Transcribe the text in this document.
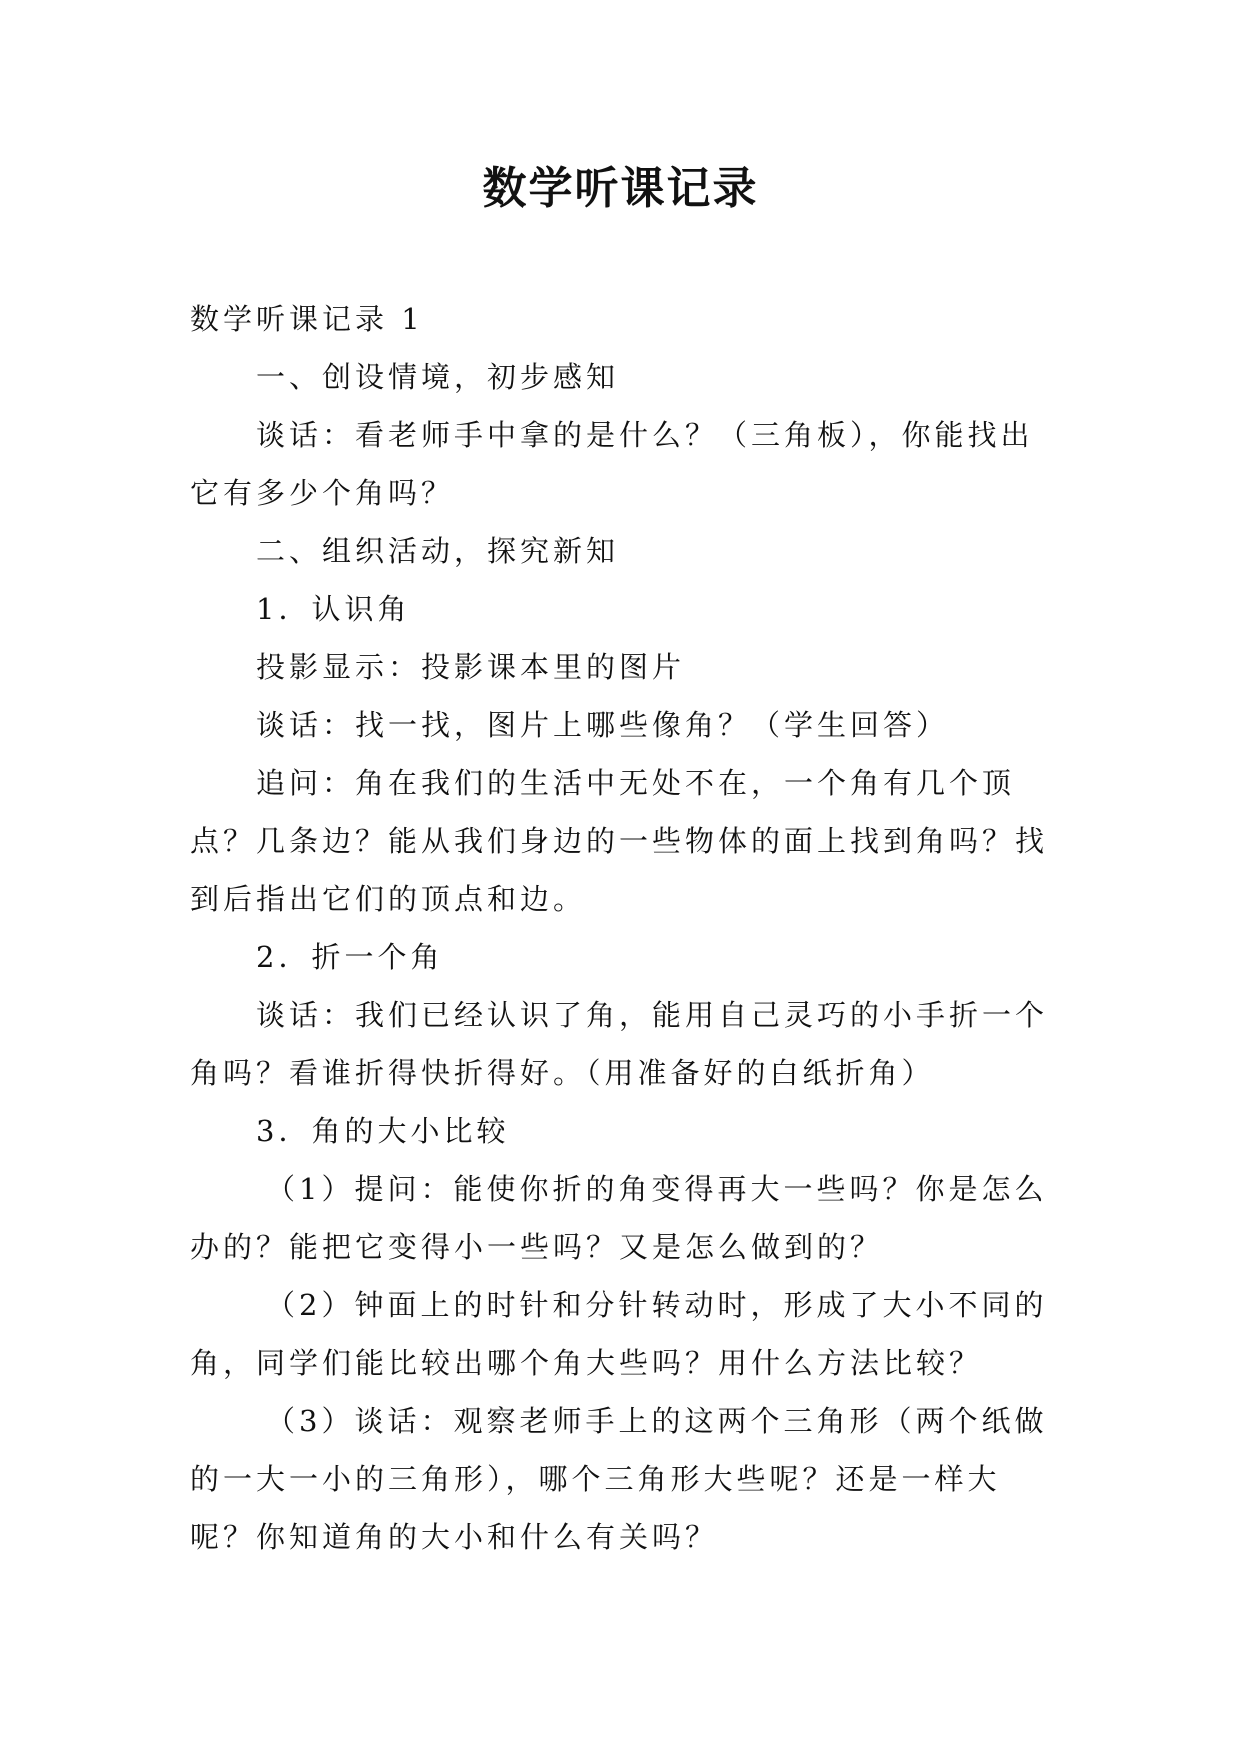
数学听课记录

数学听课记录 1

一、创设情境，初步感知

谈话：看老师手中拿的是什么？（三角板），你能找出它有多少个角吗？

二、组织活动，探究新知

1．认识角

投影显示：投影课本里的图片

谈话：找一找，图片上哪些像角？（学生回答）

追问：角在我们的生活中无处不在，一个角有几个顶点？几条边？能从我们身边的一些物体的面上找到角吗？找到后指出它们的顶点和边。

2．折一个角

谈话：我们已经认识了角，能用自己灵巧的小手折一个角吗？看谁折得快折得好。（用准备好的白纸折角）

3．角的大小比较

（1）提问：能使你折的角变得再大一些吗？你是怎么办的？能把它变得小一些吗？又是怎么做到的？

（2）钟面上的时针和分针转动时，形成了大小不同的角，同学们能比较出哪个角大些吗？用什么方法比较？

（3）谈话：观察老师手上的这两个三角形（两个纸做的一大一小的三角形），哪个三角形大些呢？还是一样大呢？你知道角的大小和什么有关吗？
